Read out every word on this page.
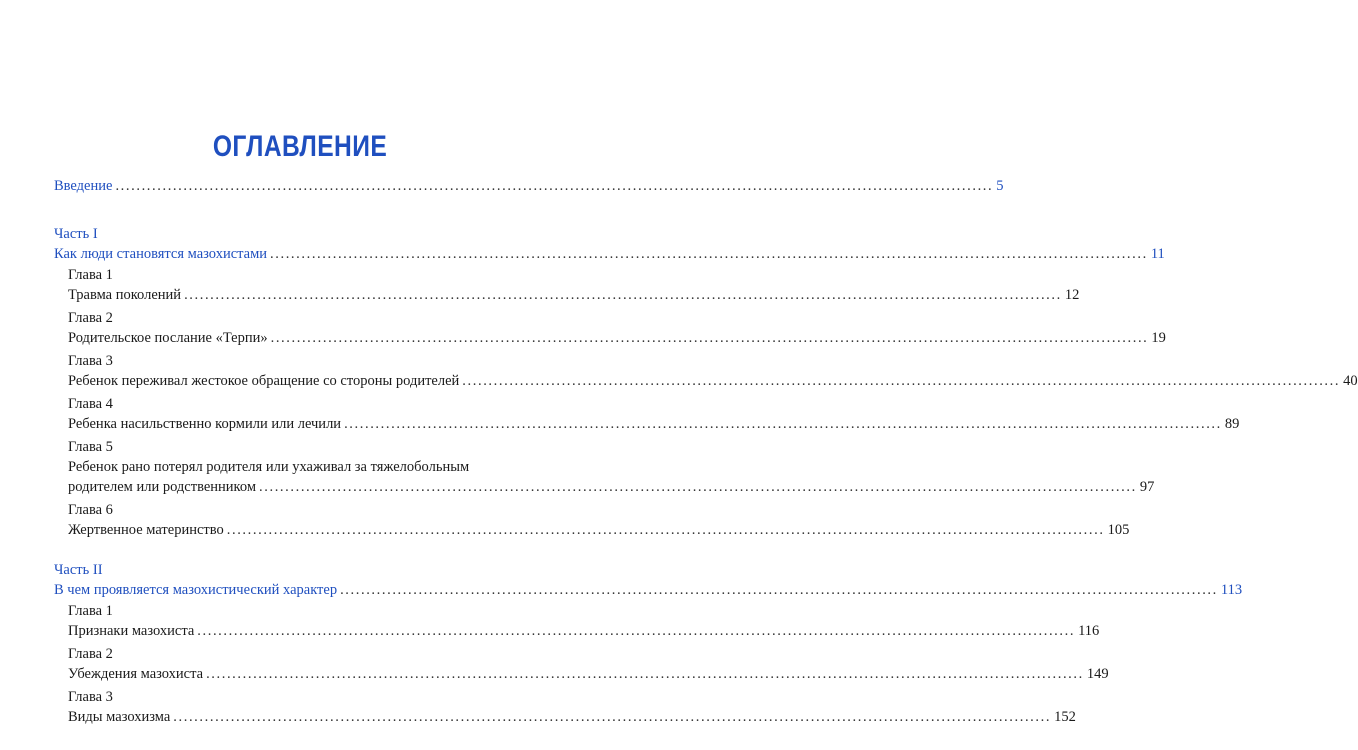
ОГЛАВЛЕНИЕ
Введение ........................................................................................................................................................................ 5
Часть I
Как люди становятся мазохистами ........................................................................................................................................................................ 11
Глава 1
Травма поколений ........................................................................................................................................................................ 12
Глава 2
Родительское послание «Терпи» ........................................................................................................................................................................ 19
Глава 3
Ребенок переживал жестокое обращение со стороны родителей ........................................................................................................................................................................ 40
Глава 4
Ребенка насильственно кормили или лечили ........................................................................................................................................................................ 89
Глава 5
Ребенок рано потерял родителя или ухаживал за тяжелобольным
родителем или родственником ........................................................................................................................................................................ 97
Глава 6
Жертвенное материнство ........................................................................................................................................................................ 105
Часть II
В чем проявляется мазохистический характер ........................................................................................................................................................................ 113
Глава 1
Признаки мазохиста ........................................................................................................................................................................ 116
Глава 2
Убеждения мазохиста ........................................................................................................................................................................ 149
Глава 3
Виды мазохизма ........................................................................................................................................................................ 152
